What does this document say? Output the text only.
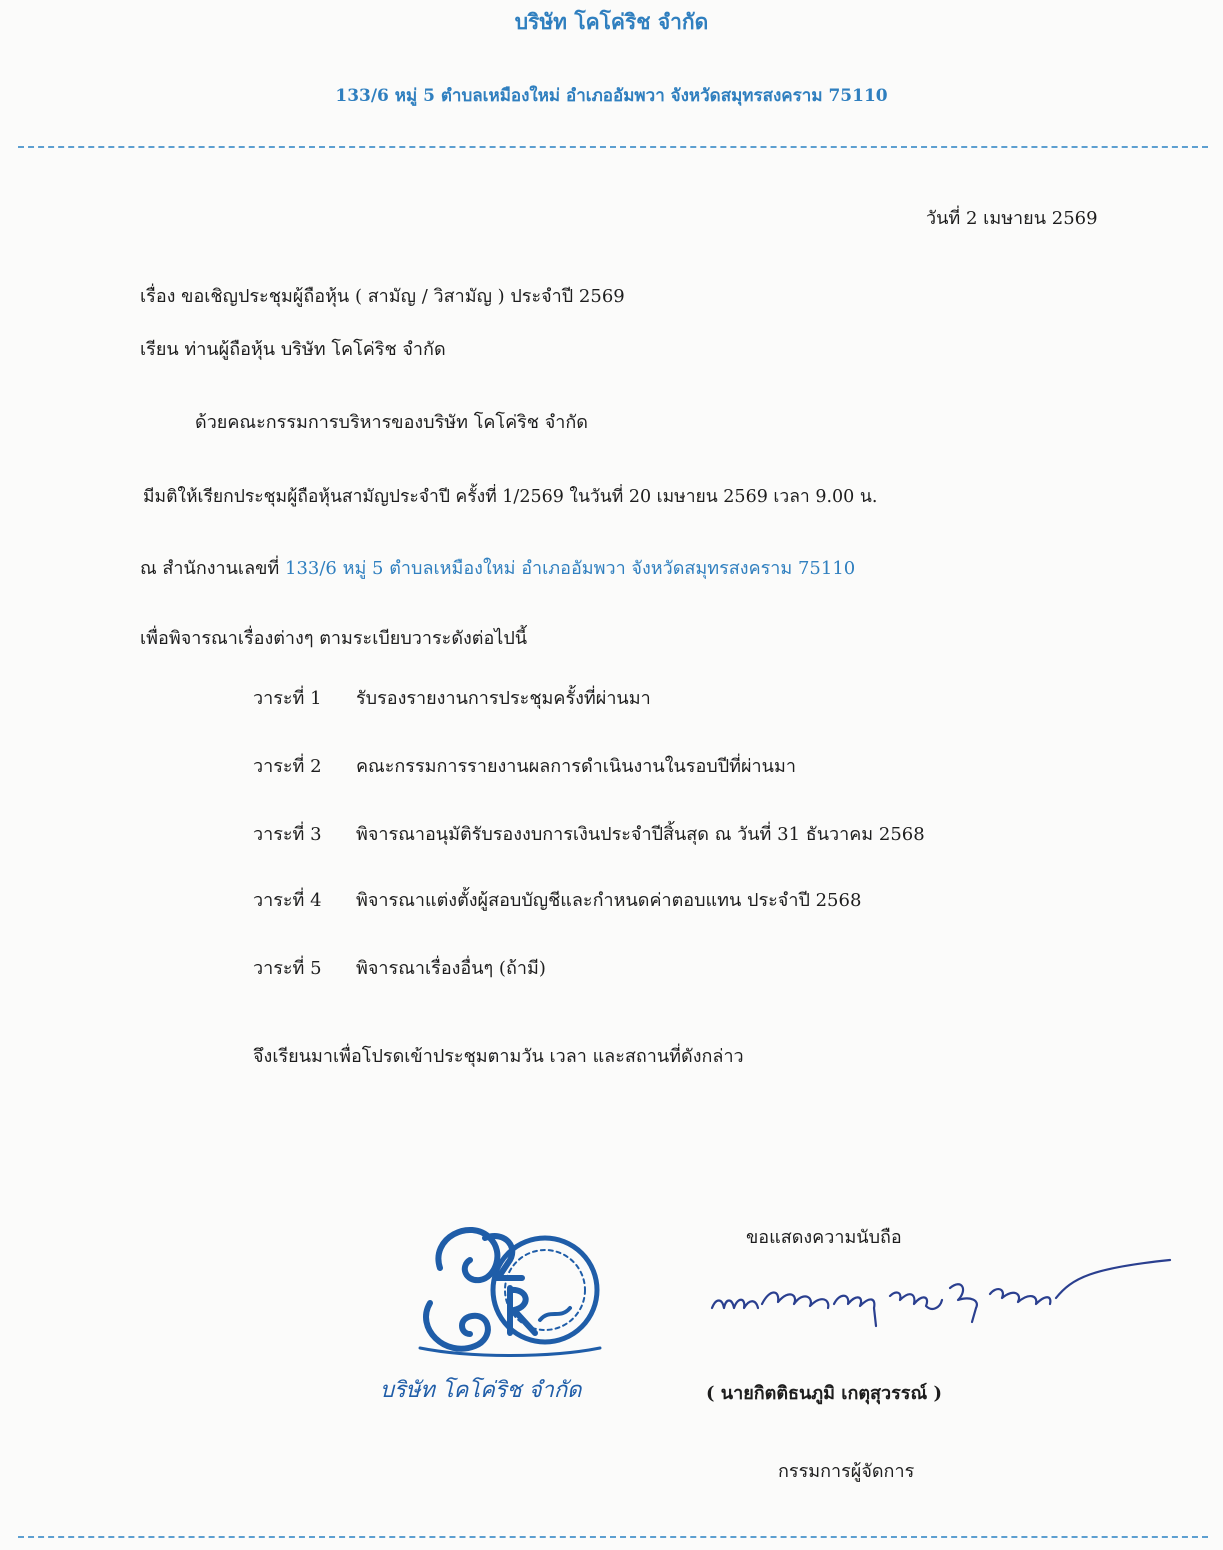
บริษัท โคโค่ริช จำกัด
133/6 หมู่ 5 ตำบลเหมืองใหม่ อำเภออัมพวา จังหวัดสมุทรสงคราม 75110
วันที่ 2 เมษายน 2569
เรื่อง ขอเชิญประชุมผู้ถือหุ้น ( สามัญ / วิสามัญ ) ประจำปี 2569
เรียน ท่านผู้ถือหุ้น บริษัท โคโค่ริช จำกัด
ด้วยคณะกรรมการบริหารของบริษัท โคโค่ริช จำกัด
มีมติให้เรียกประชุมผู้ถือหุ้นสามัญประจำปี ครั้งที่ 1/2569 ในวันที่ 20 เมษายน 2569 เวลา 9.00 น.
ณ สำนักงานเลขที่ 133/6 หมู่ 5 ตำบลเหมืองใหม่ อำเภออัมพวา จังหวัดสมุทรสงคราม 75110
เพื่อพิจารณาเรื่องต่างๆ ตามระเบียบวาระดังต่อไปนี้
วาระที่ 1 รับรองรายงานการประชุมครั้งที่ผ่านมา
วาระที่ 2 คณะกรรมการรายงานผลการดำเนินงานในรอบปีที่ผ่านมา
วาระที่ 3 พิจารณาอนุมัติรับรองงบการเงินประจำปีสิ้นสุด ณ วันที่ 31 ธันวาคม 2568
วาระที่ 4 พิจารณาแต่งตั้งผู้สอบบัญชีและกำหนดค่าตอบแทน ประจำปี 2568
วาระที่ 5 พิจารณาเรื่องอื่นๆ (ถ้ามี)
จึงเรียนมาเพื่อโปรดเข้าประชุมตามวัน เวลา และสถานที่ดังกล่าว
บริษัท โคโค่ริช จำกัด
ขอแสดงความนับถือ
( นายกิตติธนภูมิ เกตุสุวรรณ์ )
กรรมการผู้จัดการ
